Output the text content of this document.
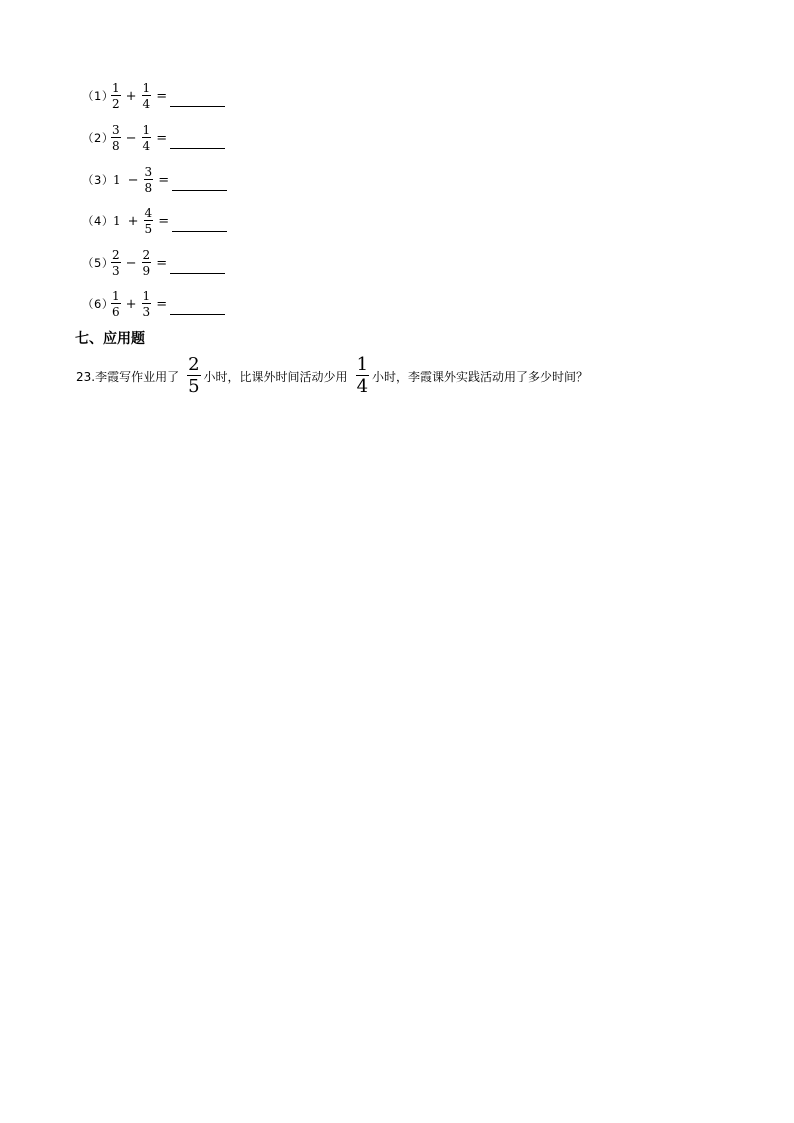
（1）
$\frac{1}{2} + \frac{1}{4}$ =
（2）
$\frac{3}{8} - \frac{1}{4}$ =
（3） $1 - \frac{3}{8}$ =
（4） $1 + \frac{4}{5}$ =
（5）
$\frac{2}{3} - \frac{2}{9}$ =
（6）
$\frac{1}{6} + \frac{1}{3}$ =
七、应用题
23.李霞写作业用了
2
5 小时，比课外时间活动少用
1
4 小时，李霞课外实践活动用了多少时间？
